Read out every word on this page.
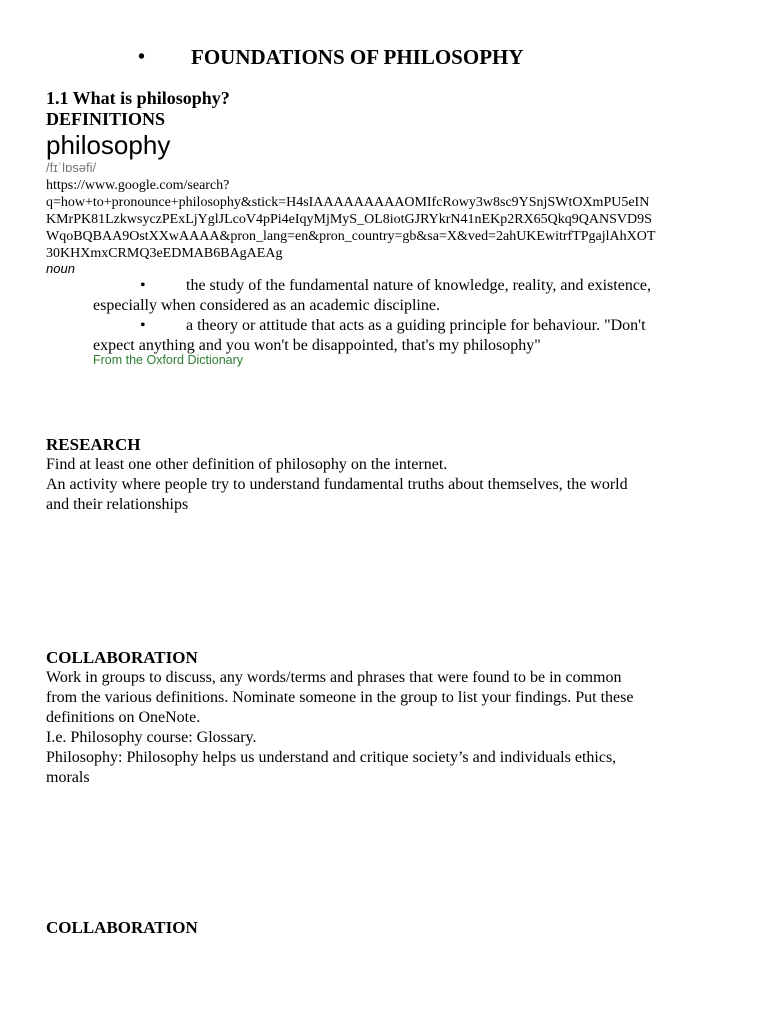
• FOUNDATIONS OF PHILOSOPHY
1.1 What is philosophy?
DEFINITIONS
philosophy
/fɪˈlɒsəfi/
https://www.google.com/search?
q=how+to+pronounce+philosophy&stick=H4sIAAAAAAAAAOMIfcRowy3w8sc9YSnjSWtOXmPU5eIN
KMrPK81LzkwsyczPExLjYglJLcoV4pPi4eIqyMjMyS_OL8iotGJRYkrN41nEKp2RX65Qkq9QANSVD9S
WqoBQBAA9OstXXwAAAA&pron_lang=en&pron_country=gb&sa=X&ved=2ahUKEwitrfTPgajlAhXOT
30KHXmxCRMQ3eEDMAB6BAgAEAg
noun
•	the study of the fundamental nature of knowledge, reality, and existence,
especially when considered as an academic discipline.
•	a theory or attitude that acts as a guiding principle for behaviour. "Don't
expect anything and you won't be disappointed, that's my philosophy"
From the Oxford Dictionary
RESEARCH
Find at least one other definition of philosophy on the internet.
An activity where people try to understand fundamental truths about themselves, the world
and their relationships
COLLABORATION
Work in groups to discuss, any words/terms and phrases that were found to be in common
from the various definitions. Nominate someone in the group to list your findings. Put these
definitions on OneNote.
I.e. Philosophy course: Glossary.
Philosophy: Philosophy helps us understand and critique society’s and individuals ethics,
morals
COLLABORATION
